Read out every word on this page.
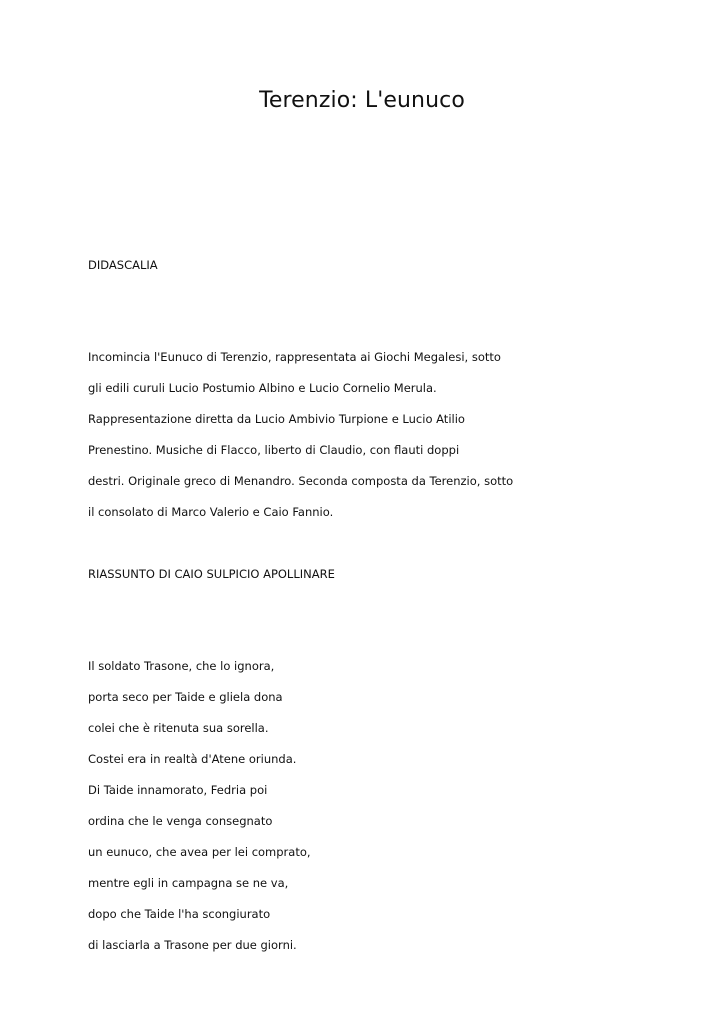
Terenzio: L'eunuco
DIDASCALIA
Incomincia l'Eunuco di Terenzio, rappresentata ai Giochi Megalesi, sotto
gli edili curuli Lucio Postumio Albino e Lucio Cornelio Merula.
Rappresentazione diretta da Lucio Ambivio Turpione e Lucio Atilio
Prenestino. Musiche di Flacco, liberto di Claudio, con flauti doppi
destri. Originale greco di Menandro. Seconda composta da Terenzio, sotto
il consolato di Marco Valerio e Caio Fannio.
RIASSUNTO DI CAIO SULPICIO APOLLINARE
Il soldato Trasone, che lo ignora,
porta seco per Taide e gliela dona
colei che è ritenuta sua sorella.
Costei era in realtà d'Atene oriunda.
Di Taide innamorato, Fedria poi
ordina che le venga consegnato
un eunuco, che avea per lei comprato,
mentre egli in campagna se ne va,
dopo che Taide l'ha scongiurato
di lasciarla a Trasone per due giorni.
